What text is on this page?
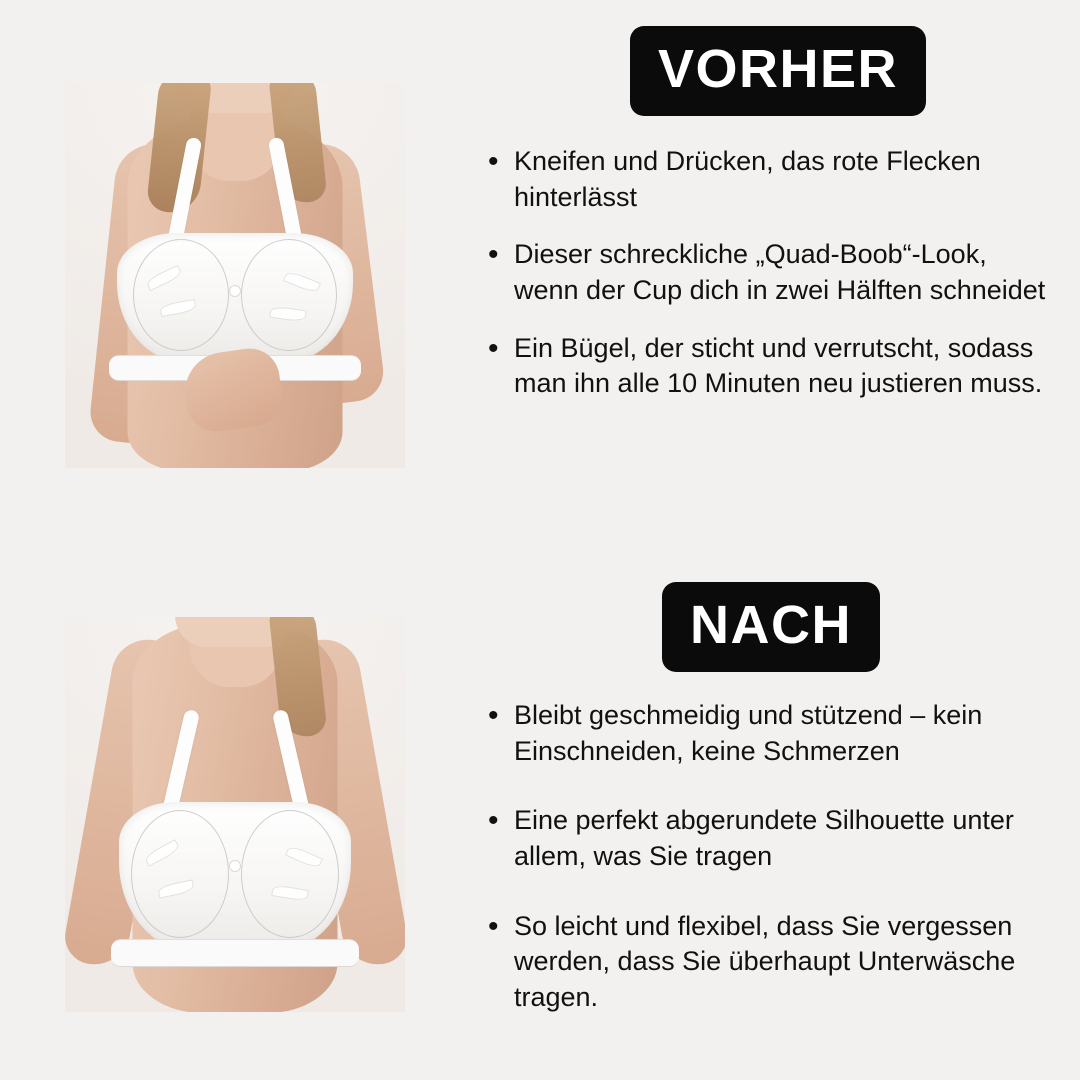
VORHER
• Kneifen und Drücken, das rote Flecken hinterlässt
• Dieser schreckliche „Quad-Boob“-Look, wenn der Cup dich in zwei Hälften schneidet
• Ein Bügel, der sticht und verrutscht, sodass man ihn alle 10 Minuten neu justieren muss.
NACH
• Bleibt geschmeidig und stützend – kein Einschneiden, keine Schmerzen
• Eine perfekt abgerundete Silhouette unter allem, was Sie tragen
• So leicht und flexibel, dass Sie vergessen werden, dass Sie überhaupt Unterwäsche tragen.
